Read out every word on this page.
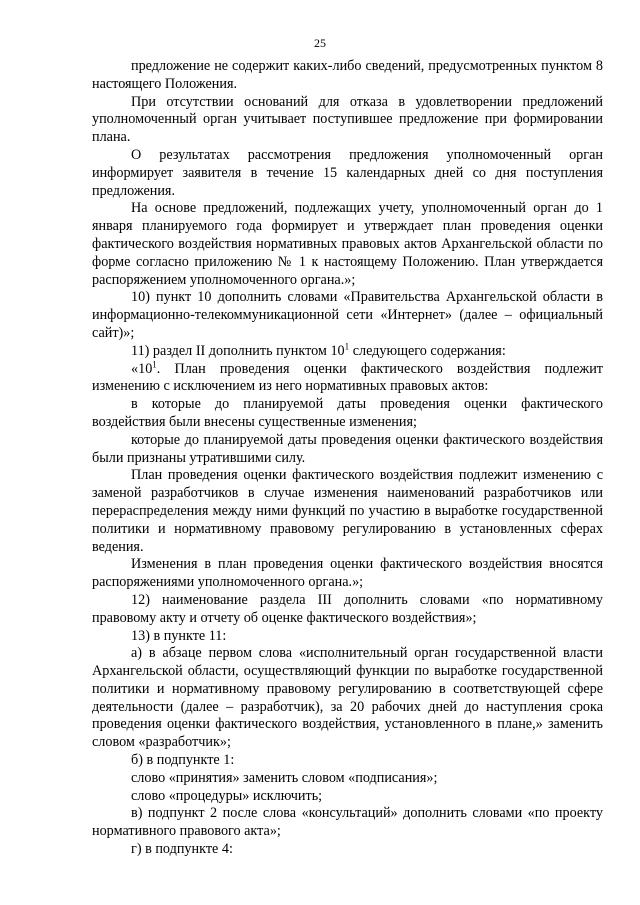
25

предложение не содержит каких-либо сведений, предусмотренных пунктом 8 настоящего Положения.

При отсутствии оснований для отказа в удовлетворении предложений уполномоченный орган учитывает поступившее предложение при формировании плана.

О результатах рассмотрения предложения уполномоченный орган информирует заявителя в течение 15 календарных дней со дня поступления предложения.

На основе предложений, подлежащих учету, уполномоченный орган до 1 января планируемого года формирует и утверждает план проведения оценки фактического воздействия нормативных правовых актов Архангельской области по форме согласно приложению № 1 к настоящему Положению. План утверждается распоряжением уполномоченного органа.»;

10) пункт 10 дополнить словами «Правительства Архангельской области в информационно-телекоммуникационной сети «Интернет» (далее – официальный сайт)»;

11) раздел II дополнить пунктом $10^1$ следующего содержания:

«$10^1$. План проведения оценки фактического воздействия подлежит изменению с исключением из него нормативных правовых актов:

в которые до планируемой даты проведения оценки фактического воздействия были внесены существенные изменения;

которые до планируемой даты проведения оценки фактического воздействия были признаны утратившими силу.

План проведения оценки фактического воздействия подлежит изменению с заменой разработчиков в случае изменения наименований разработчиков или перераспределения между ними функций по участию в выработке государственной политики и нормативному правовому регулированию в установленных сферах ведения.

Изменения в план проведения оценки фактического воздействия вносятся распоряжениями уполномоченного органа.»;

12) наименование раздела III дополнить словами «по нормативному правовому акту и отчету об оценке фактического воздействия»;

13) в пункте 11:

а) в абзаце первом слова «исполнительный орган государственной власти Архангельской области, осуществляющий функции по выработке государственной политики и нормативному правовому регулированию в соответствующей сфере деятельности (далее – разработчик), за 20 рабочих дней до наступления срока проведения оценки фактического воздействия, установленного в плане,» заменить словом «разработчик»;

б) в подпункте 1:

слово «принятия» заменить словом «подписания»;

слово «процедуры» исключить;

в) подпункт 2 после слова «консультаций» дополнить словами «по проекту нормативного правового акта»;

г) в подпункте 4:
